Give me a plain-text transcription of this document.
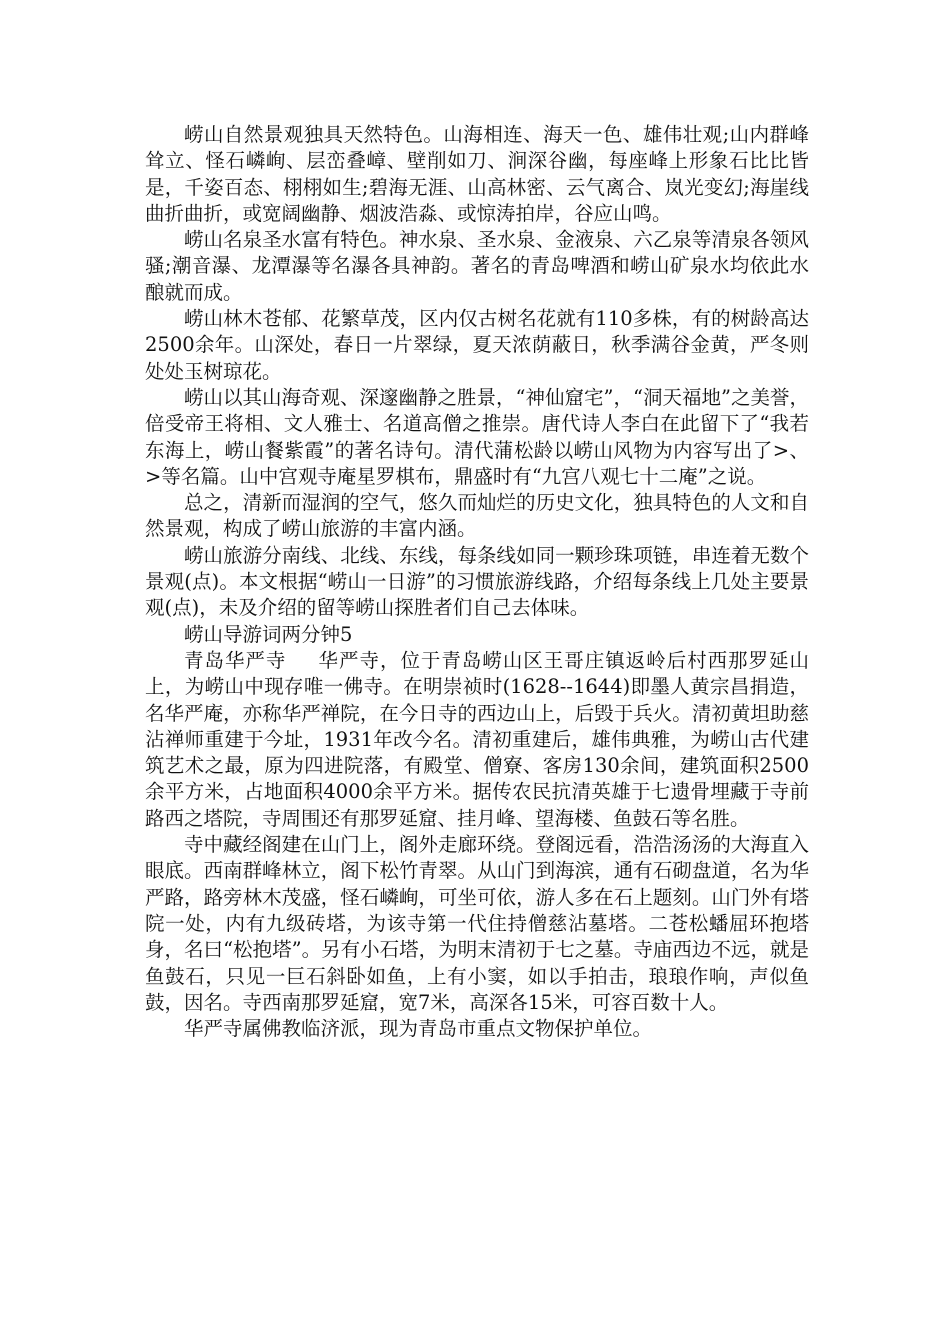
崂山自然景观独具天然特色。山海相连、海天一色、雄伟壮观;山内群峰耸立、怪石嶙峋、层峦叠嶂、壁削如刀、涧深谷幽，每座峰上形象石比比皆是，千姿百态、栩栩如生;碧海无涯、山高林密、云气离合、岚光变幻;海崖线曲折曲折，或宽阔幽静、烟波浩淼、或惊涛拍岸，谷应山鸣。

崂山名泉圣水富有特色。神水泉、圣水泉、金液泉、六乙泉等清泉各领风骚;潮音瀑、龙潭瀑等名瀑各具神韵。著名的青岛啤酒和崂山矿泉水均依此水酿就而成。

崂山林木苍郁、花繁草茂，区内仅古树名花就有110多株，有的树龄高达2500余年。山深处，春日一片翠绿，夏天浓荫蔽日，秋季满谷金黄，严冬则处处玉树琼花。

崂山以其山海奇观、深邃幽静之胜景，“神仙窟宅”，“洞天福地”之美誉，倍受帝王将相、文人雅士、名道高僧之推崇。唐代诗人李白在此留下了“我若东海上，崂山餐紫霞”的著名诗句。清代蒲松龄以崂山风物为内容写出了>、>等名篇。山中宫观寺庵星罗棋布，鼎盛时有“九宫八观七十二庵”之说。

总之，清新而湿润的空气，悠久而灿烂的历史文化，独具特色的人文和自然景观，构成了崂山旅游的丰富内涵。

崂山旅游分南线、北线、东线，每条线如同一颗珍珠项链，串连着无数个景观(点)。本文根据“崂山一日游”的习惯旅游线路，介绍每条线上几处主要景观(点)，未及介绍的留等崂山探胜者们自己去体味。

崂山导游词两分钟5

青岛华严寺 华严寺，位于青岛崂山区王哥庄镇返岭后村西那罗延山上，为崂山中现存唯一佛寺。在明崇祯时(1628--1644)即墨人黄宗昌捐造，名华严庵，亦称华严禅院，在今日寺的西边山上，后毁于兵火。清初黄坦助慈沾禅师重建于今址，1931年改今名。清初重建后，雄伟典雅，为崂山古代建筑艺术之最，原为四进院落，有殿堂、僧寮、客房130余间，建筑面积2500余平方米，占地面积4000余平方米。据传农民抗清英雄于七遗骨埋藏于寺前路西之塔院，寺周围还有那罗延窟、挂月峰、望海楼、鱼鼓石等名胜。

寺中藏经阁建在山门上，阁外走廊环绕。登阁远看，浩浩汤汤的大海直入眼底。西南群峰林立，阁下松竹青翠。从山门到海滨，通有石砌盘道，名为华严路，路旁林木茂盛，怪石嶙峋，可坐可依，游人多在石上题刻。山门外有塔院一处，内有九级砖塔，为该寺第一代住持僧慈沾墓塔。二苍松蟠屈环抱塔身，名曰“松抱塔”。另有小石塔，为明末清初于七之墓。寺庙西边不远，就是鱼鼓石，只见一巨石斜卧如鱼，上有小窦，如以手拍击，琅琅作响，声似鱼鼓，因名。寺西南那罗延窟，宽7米，高深各15米，可容百数十人。

华严寺属佛教临济派，现为青岛市重点文物保护单位。
